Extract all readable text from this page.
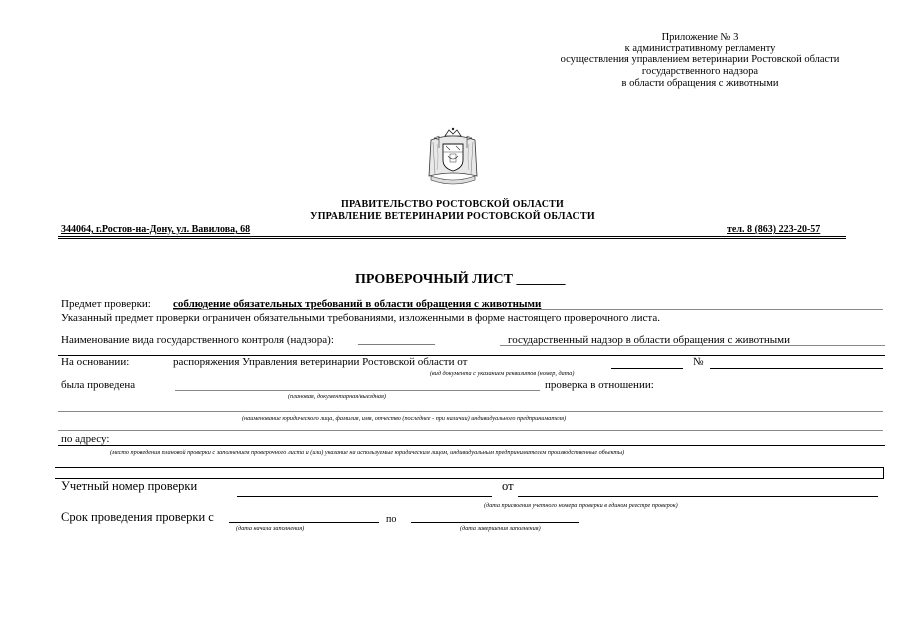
Приложение № 3
к административному регламенту
осуществления управлением ветеринарии Ростовской области
государственного надзора
в области обращения с животными
ПРАВИТЕЛЬСТВО РОСТОВСКОЙ ОБЛАСТИ
УПРАВЛЕНИЕ ВЕТЕРИНАРИИ РОСТОВСКОЙ ОБЛАСТИ
344064, г.Ростов-на-Дону, ул. Вавилова, 68	тел. 8 (863) 223-20-57
ПРОВЕРОЧНЫЙ ЛИСТ _______
Предмет проверки: соблюдение обязательных требований в области обращения с животными
Указанный предмет проверки ограничен обязательными требованиями, изложенными в форме настоящего проверочного листа.
Наименование вида государственного контроля (надзора): ______________	государственный надзор в области обращения с животными
На основании:	распоряжения Управления ветеринарии Ростовской области от	№
(вид документа с указанием реквизитов (номер, дата)
была проведена	проверка в отношении:
(плановая, документарная/выездная)
(наименование юридического лица, фамилия, имя, отчество (последнее - при наличии) индивидуального предпринимателя)
по адресу:
(место проведения плановой проверки с заполнением проверочного листа и (или) указание на используемые юридическим лицом, индивидуальным предпринимателем производственные объекты)
Учетный номер проверки	от
(дата присвоения учетного номера проверки в едином реестре проверок)
Срок проведения проверки с	по
(дата начала заполнения)	(дата завершения заполнения)
